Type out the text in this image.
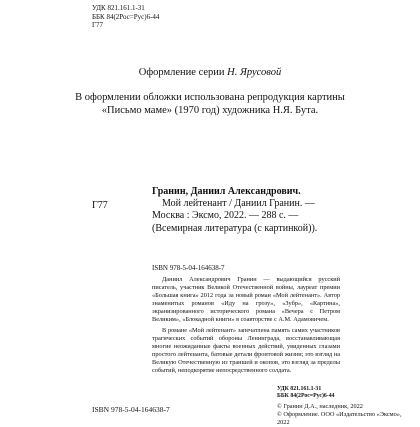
УДК 821.161.1-31
ББК 84(2Рос=Рус)6-44
Г77
Оформление серии Н. Ярусовой
В оформлении обложки использована репродукция картины
«Письмо маме» (1970 год) художника Н.Я. Бута.
Г77
Гранин, Даниил Александрович.
Мой лейтенант / Даниил Гранин. — Москва : Эксмо, 2022. — 288 с. — (Всемирная литература (с картинкой)).
ISBN 978-5-04-164638-7

Даниил Александрович Гранин — выдающийся русский писатель, участник Великой Отечественной войны, лауреат премии «Большая книга» 2012 года за новый роман «Мой лейтенант». Автор знаменитых романов «Иду на грозу», «Зубр», «Картина», экранизированного исторического романа «Вечера с Петром Великим», «Блокадной книги» в соавторстве с А.М. Адамовичем.

В романе «Мой лейтенант» запечатлена память самих участников трагических событий обороны Ленинграда, восстанавливающая многие неожиданные факты военных действий, увиденных глазами простого лейтенанта, батовые детали фронтовой жизни; это взгляд на Великую Отечественную из траншей и окопов, это взгляд за пределы событий, неподкорятие непосредственного солдата.

УДК 821.161.1-31
ББК 84(2Рос=Рус)6-44
ISBN 978-5-04-164638-7	© Гранин Д.А., наследник, 2022
© Оформление. ООО «Издательство «Эксмо», 2022
